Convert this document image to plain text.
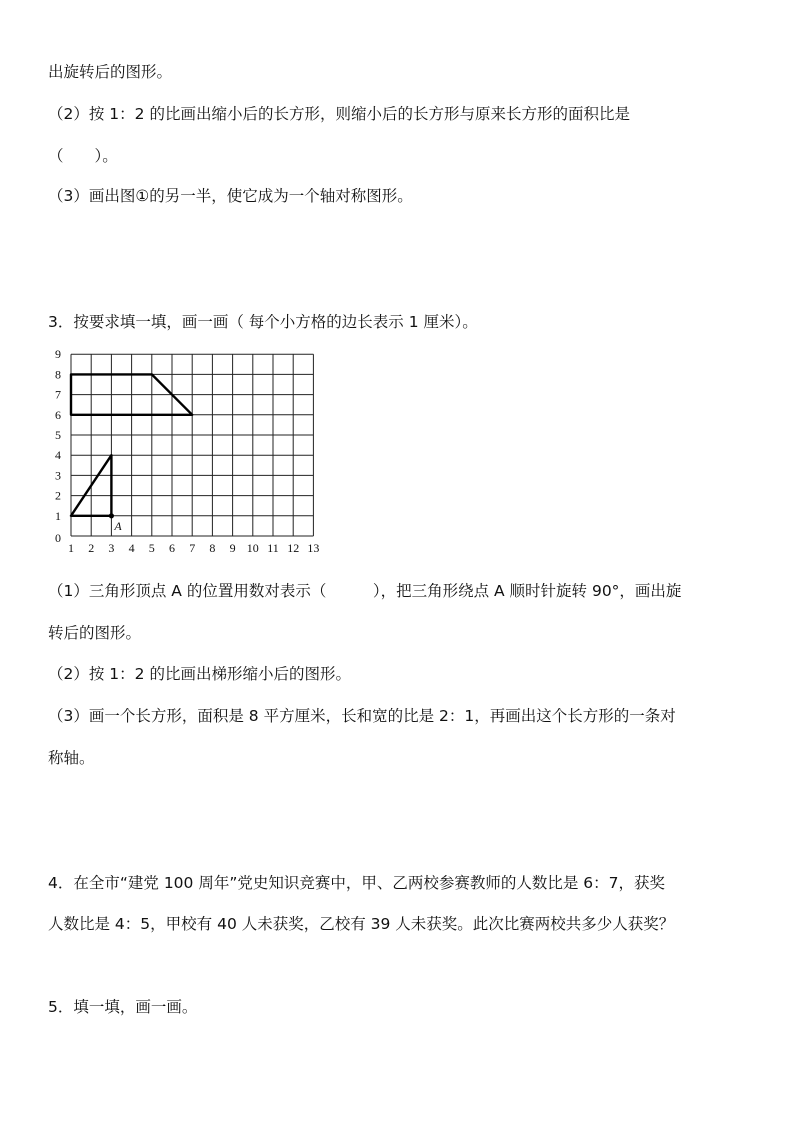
出旋转后的图形。
（2）按 1：2 的比画出缩小后的长方形，则缩小后的长方形与原来长方形的面积比是
（　　）。
（3）画出图①的另一半，使它成为一个轴对称图形。
3．按要求填一填，画一画（ 每个小方格的边长表示 1 厘米）。
1 2 3 4 5 6 7 8 9 10 11 12 13
0
1
2
3
4
5
6
7
8
9
A
（1）三角形顶点 A 的位置用数对表示（　　　），把三角形绕点 A 顺时针旋转 90°，画出旋
转后的图形。
（2）按 1：2 的比画出梯形缩小后的图形。
（3）画一个长方形，面积是 8 平方厘米，长和宽的比是 2：1，再画出这个长方形的一条对
称轴。
4．在全市“建党 100 周年”党史知识竞赛中，甲、乙两校参赛教师的人数比是 6：7，获奖
人数比是 4：5，甲校有 40 人未获奖，乙校有 39 人未获奖。此次比赛两校共多少人获奖？
5．填一填，画一画。
